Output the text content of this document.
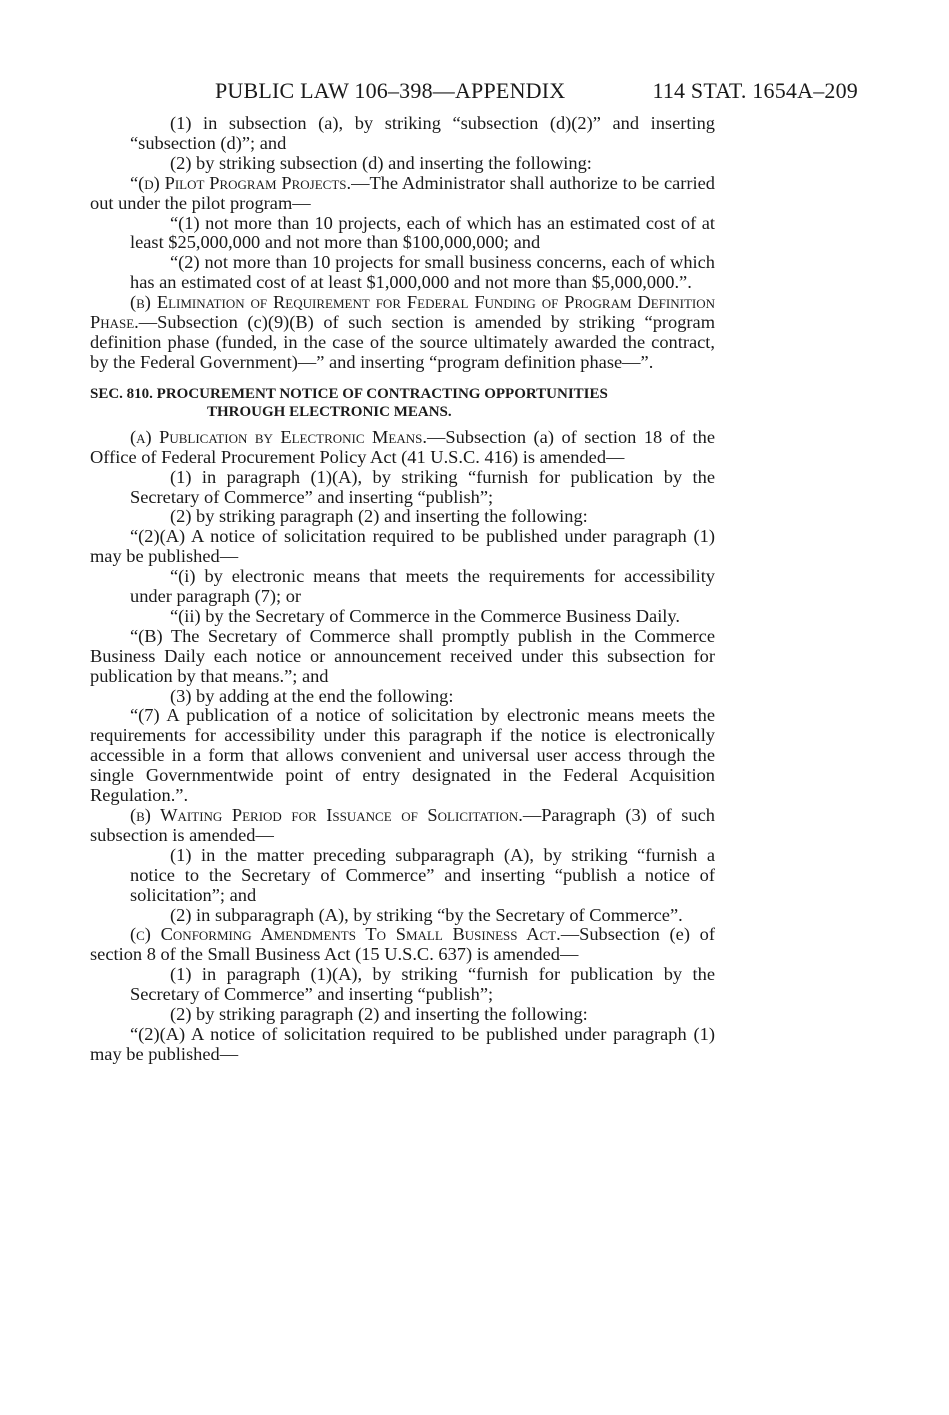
PUBLIC LAW 106–398—APPENDIX	114 STAT. 1654A–209

(1) in subsection (a), by striking “subsection (d)(2)” and inserting “subsection (d)”; and

(2) by striking subsection (d) and inserting the following:

“(d) Pilot Program Projects.—The Administrator shall authorize to be carried out under the pilot program—

“(1) not more than 10 projects, each of which has an estimated cost of at least $25,000,000 and not more than $100,000,000; and

“(2) not more than 10 projects for small business concerns, each of which has an estimated cost of at least $1,000,000 and not more than $5,000,000.”.

(b) Elimination of Requirement for Federal Funding of Program Definition Phase.—Subsection (c)(9)(B) of such section is amended by striking “program definition phase (funded, in the case of the source ultimately awarded the contract, by the Federal Government)—” and inserting “program definition phase—”.

SEC. 810. PROCUREMENT NOTICE OF CONTRACTING OPPORTUNITIES
THROUGH ELECTRONIC MEANS.

(a) Publication by Electronic Means.—Subsection (a) of section 18 of the Office of Federal Procurement Policy Act (41 U.S.C. 416) is amended—

(1) in paragraph (1)(A), by striking “furnish for publication by the Secretary of Commerce” and inserting “publish”;

(2) by striking paragraph (2) and inserting the following:

“(2)(A) A notice of solicitation required to be published under paragraph (1) may be published—

“(i) by electronic means that meets the requirements for accessibility under paragraph (7); or

“(ii) by the Secretary of Commerce in the Commerce Business Daily.

“(B) The Secretary of Commerce shall promptly publish in the Commerce Business Daily each notice or announcement received under this subsection for publication by that means.”; and

(3) by adding at the end the following:

“(7) A publication of a notice of solicitation by electronic means meets the requirements for accessibility under this paragraph if the notice is electronically accessible in a form that allows convenient and universal user access through the single Governmentwide point of entry designated in the Federal Acquisition Regulation.”.

(b) Waiting Period for Issuance of Solicitation.—Paragraph (3) of such subsection is amended—

(1) in the matter preceding subparagraph (A), by striking “furnish a notice to the Secretary of Commerce” and inserting “publish a notice of solicitation”; and

(2) in subparagraph (A), by striking “by the Secretary of Commerce”.

(c) Conforming Amendments To Small Business Act.—Subsection (e) of section 8 of the Small Business Act (15 U.S.C. 637) is amended—

(1) in paragraph (1)(A), by striking “furnish for publication by the Secretary of Commerce” and inserting “publish”;

(2) by striking paragraph (2) and inserting the following:

“(2)(A) A notice of solicitation required to be published under paragraph (1) may be published—
